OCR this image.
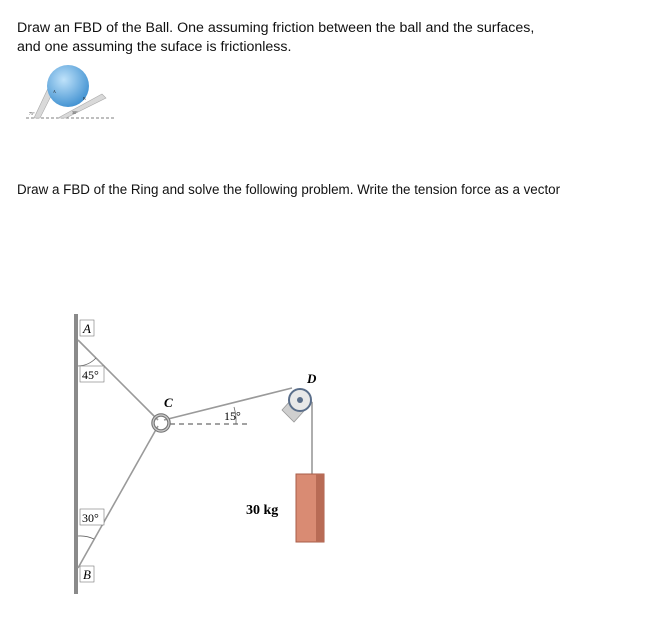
Draw an FBD of the Ball. One assuming friction between the ball and the surfaces,
and one assuming the suface is frictionless.
A
B
75°	30°
Draw a FBD of the Ring and solve the following problem. Write the tension force as a vector
A
45°
30°
B
C
D
15°
30 kg
